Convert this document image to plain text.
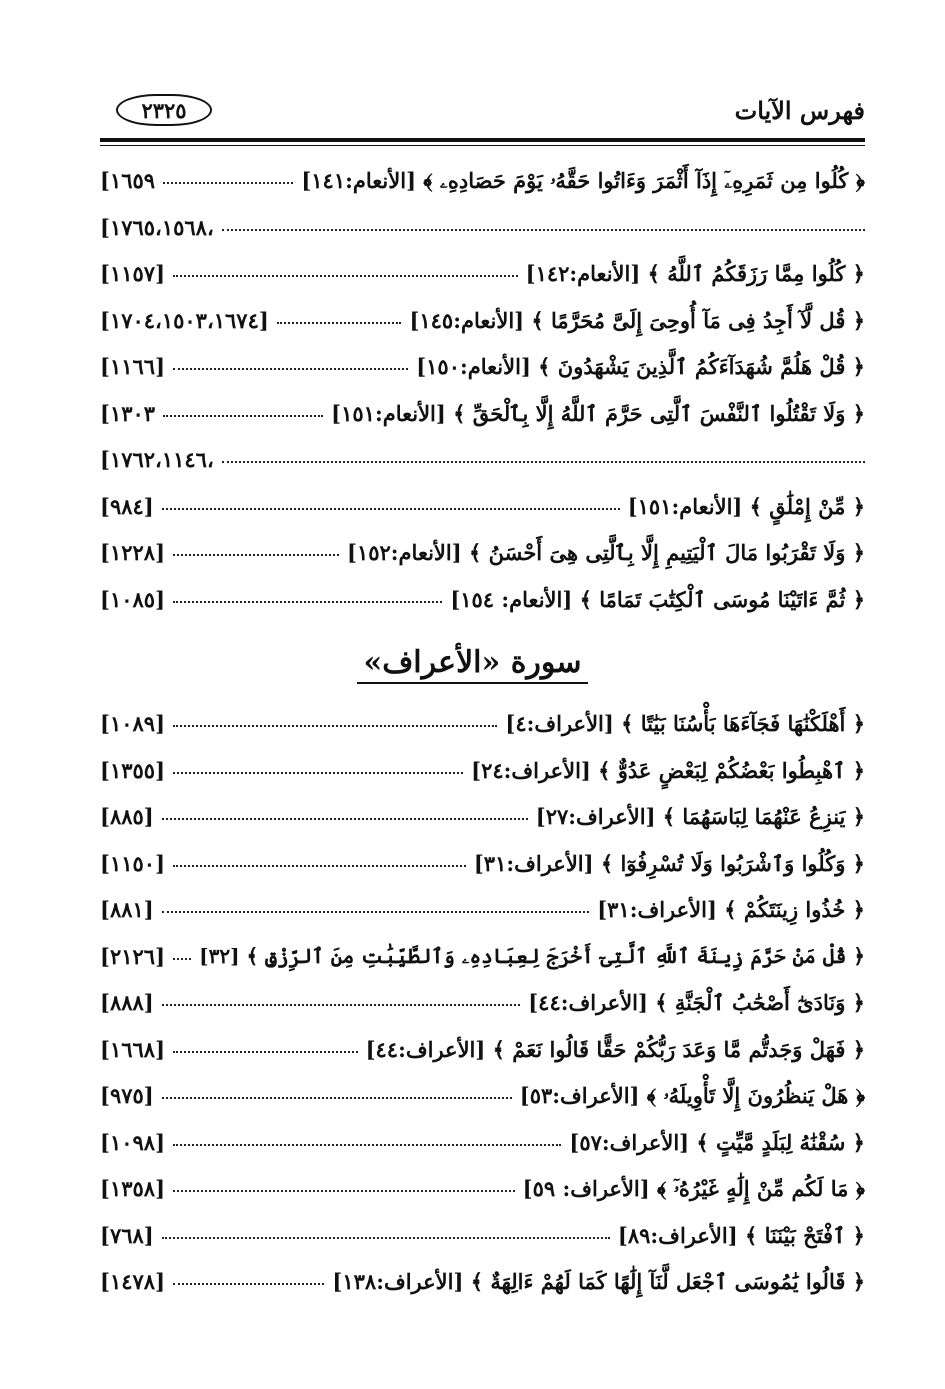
فهرس الآيات
٢٣٢٥
﴿ كُلُوا مِن ثَمَرِهِۦٓ إِذَآ أَثْمَرَ وَءَاتُوا حَقَّهُۥ يَوْمَ حَصَادِهِۦ ﴾ [الأنعام:١٤١]
[١٦٥٩
[١٧٦٥،١٥٦٨،
﴿ كُلُوا مِمَّا رَزَقَكُمُ ٱللَّهُ ﴾ [الأنعام:١٤٢]
[١١٥٧]
﴿ قُل لَّآ أَجِدُ فِى مَآ أُوحِىَ إِلَىَّ مُحَرَّمًا ﴾ [الأنعام:١٤٥]
[١٧٠٤،١٥٠٣،١٦٧٤]
﴿ قُلْ هَلُمَّ شُهَدَآءَكُمُ ٱلَّذِينَ يَشْهَدُونَ ﴾ [الأنعام:١٥٠]
[١١٦٦]
﴿ وَلَا تَقْتُلُوا ٱلنَّفْسَ ٱلَّتِى حَرَّمَ ٱللَّهُ إِلَّا بِٱلْحَقِّ ﴾ [الأنعام:١٥١]
[١٣٠٣
[١٧٦٢،١١٤٦،
﴿ مِّنْ إِمْلَٰقٍ ﴾ [الأنعام:١٥١]
[٩٨٤]
﴿ وَلَا تَقْرَبُوا مَالَ ٱلْيَتِيمِ إِلَّا بِٱلَّتِى هِىَ أَحْسَنُ ﴾ [الأنعام:١٥٢]
[١٢٢٨]
﴿ ثُمَّ ءَاتَيْنَا مُوسَى ٱلْكِتَٰبَ تَمَامًا ﴾ [الأنعام: ١٥٤]
[١٠٨٥]
سورة «الأعراف»
﴿ أَهْلَكْنَٰهَا فَجَآءَهَا بَأْسُنَا بَيَٰتًا ﴾ [الأعراف:٤]
[١٠٨٩]
﴿ ٱهْبِطُوا بَعْضُكُمْ لِبَعْضٍ عَدُوٌّ ﴾ [الأعراف:٢٤]
[١٣٥٥]
﴿ يَنزِعُ عَنْهُمَا لِبَاسَهُمَا ﴾ [الأعراف:٢٧]
[٨٨٥]
﴿ وَكُلُوا وَٱشْرَبُوا وَلَا تُسْرِفُوٓا ﴾ [الأعراف:٣١]
[١١٥٠]
﴿ خُذُوا زِينَتَكُمْ ﴾ [الأعراف:٣١]
[٨٨١]
﴿ قُلْ مَنْ حَرَّمَ زِينَةَ ٱللَّهِ ٱلَّتِىٓ أَخْرَجَ لِعِبَادِهِۦ وَٱلطَّيِّبَٰتِ مِنَ ٱلرِّزْقِ ﴾ [٣٢]
[٢١٢٦]
﴿ وَنَادَىٰٓ أَصْحَٰبُ ٱلْجَنَّةِ ﴾ [الأعراف:٤٤]
[٨٨٨]
﴿ فَهَلْ وَجَدتُّم مَّا وَعَدَ رَبُّكُمْ حَقًّا قَالُوا نَعَمْ ﴾ [الأعراف:٤٤]
[١٦٦٨]
﴿ هَلْ يَنظُرُونَ إِلَّا تَأْوِيلَهُۥ ﴾ [الأعراف:٥٣]
[٩٧٥]
﴿ سُقْنَٰهُ لِبَلَدٍ مَّيِّتٍ ﴾ [الأعراف:٥٧]
[١٠٩٨]
﴿ مَا لَكُم مِّنْ إِلَٰهٍ غَيْرُهُۥٓ ﴾ [الأعراف: ٥٩]
[١٣٥٨]
﴿ ٱفْتَحْ بَيْنَنَا ﴾ [الأعراف:٨٩]
[٧٦٨]
﴿ قَالُوا يَٰمُوسَى ٱجْعَل لَّنَآ إِلَٰهًا كَمَا لَهُمْ ءَالِهَةٌ ﴾ [الأعراف:١٣٨]
[١٤٧٨]
